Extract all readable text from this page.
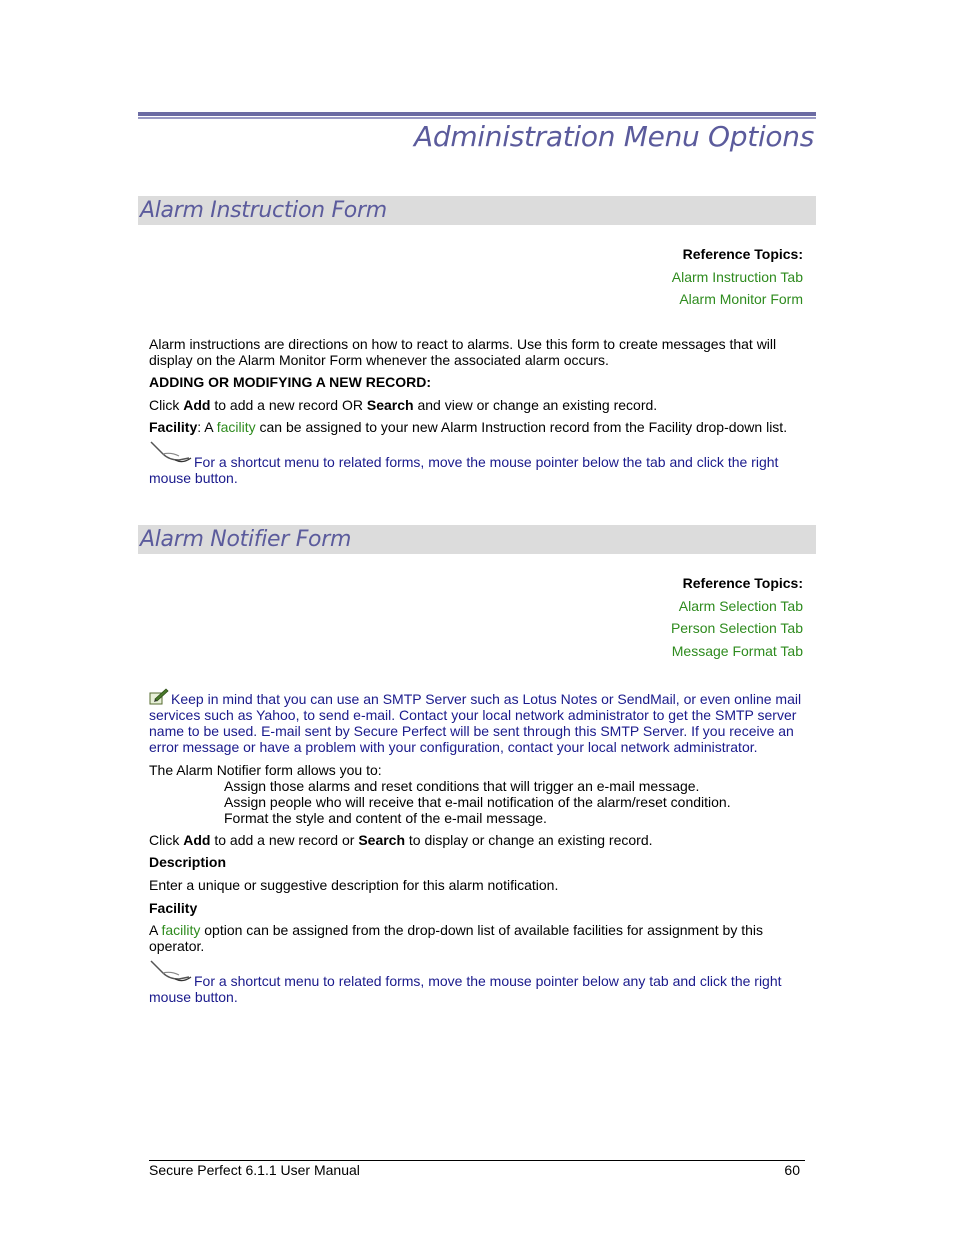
Administration Menu Options
Alarm Instruction Form
Reference Topics:
Alarm Instruction Tab
Alarm Monitor Form

Alarm instructions are directions on how to react to alarms. Use this form to create messages that will display on the Alarm Monitor Form whenever the associated alarm occurs.

ADDING OR MODIFYING A NEW RECORD:

Click Add to add a new record OR Search and view or change an existing record.

Facility: A facility can be assigned to your new Alarm Instruction record from the Facility drop-down list.

For a shortcut menu to related forms, move the mouse pointer below the tab and click the right mouse button.

Alarm Notifier Form
Reference Topics:
Alarm Selection Tab
Person Selection Tab
Message Format Tab

Keep in mind that you can use an SMTP Server such as Lotus Notes or SendMail, or even online mail services such as Yahoo, to send e-mail. Contact your local network administrator to get the SMTP server name to be used. E-mail sent by Secure Perfect will be sent through this SMTP Server. If you receive an error message or have a problem with your configuration, contact your local network administrator.

The Alarm Notifier form allows you to:

Assign those alarms and reset conditions that will trigger an e-mail message.

Assign people who will receive that e-mail notification of the alarm/reset condition.

Format the style and content of the e-mail message.

Click Add to add a new record or Search to display or change an existing record.

Description

Enter a unique or suggestive description for this alarm notification.

Facility

A facility option can be assigned from the drop-down list of available facilities for assignment by this operator.

For a shortcut menu to related forms, move the mouse pointer below any tab and click the right mouse button.

Secure Perfect 6.1.1 User Manual	60
